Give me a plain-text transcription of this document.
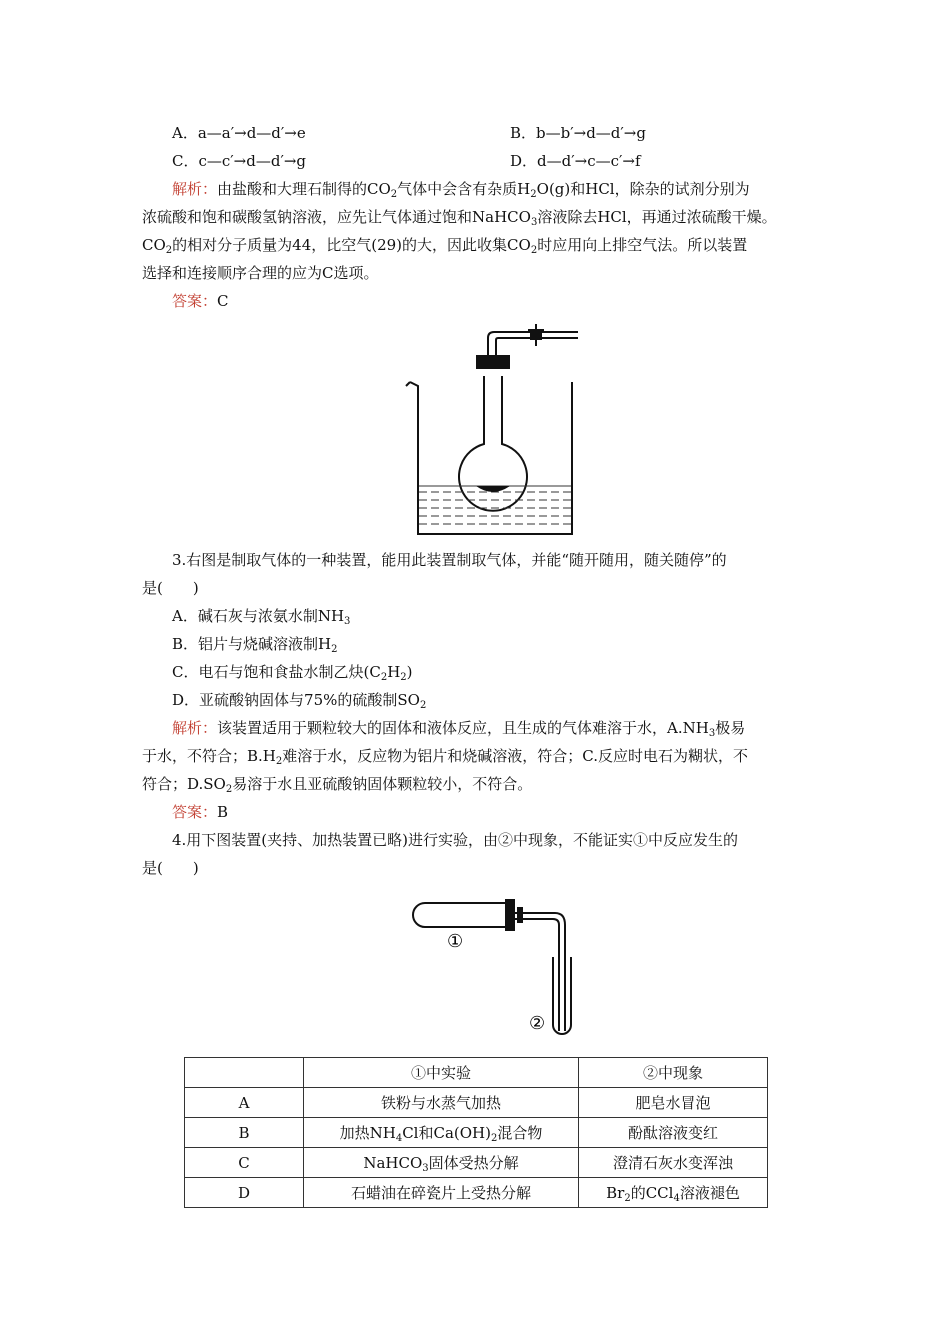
A．a—a′→d—d′→e	B．b—b′→d—d′→g
C．c—c′→d—d′→g	D．d—d′→c—c′→f
解析：由盐酸和大理石制得的$CO_2$气体中会含有杂质$H_2O(g)$和HCl，除杂的试剂分别为
浓硫酸和饱和碳酸氢钠溶液，应先让气体通过饱和NaHCO$_3$溶液除去HCl，再通过浓硫酸干燥。
$CO_2$的相对分子质量为44，比空气(29)的大，因此收集$CO_2$时应用向上排空气法。所以装置
选择和连接顺序合理的应为C选项。
答案：C
3.右图是制取气体的一种装置，能用此装置制取气体，并能“随开随用，随关随停”的
是(　　)
A．碱石灰与浓氨水制$NH_3$
B．铝片与烧碱溶液制$H_2$
C．电石与饱和食盐水制乙炔$(C_2H_2)$
D．亚硫酸钠固体与75%的硫酸制$SO_2$
解析：该装置适用于颗粒较大的固体和液体反应，且生成的气体难溶于水，$A.NH_3$极易
于水，不符合；$B.H_2$难溶于水，反应物为铝片和烧碱溶液，符合；C.反应时电石为糊状，不
符合；$D.SO_2$易溶于水且亚硫酸钠固体颗粒较小，不符合。
答案：B
4.用下图装置(夹持、加热装置已略)进行实验，由②中现象，不能证实①中反应发生的
是(　　)
①
②
	①中实验	②中现象
A	铁粉与水蒸气加热	肥皂水冒泡
B	加热$NH_4Cl$和$Ca(OH)_2$混合物	酚酞溶液变红
C	NaHCO$_3$固体受热分解	澄清石灰水变浑浊
D	石蜡油在碎瓷片上受热分解	$Br_2$的CCl$_4$溶液褪色
